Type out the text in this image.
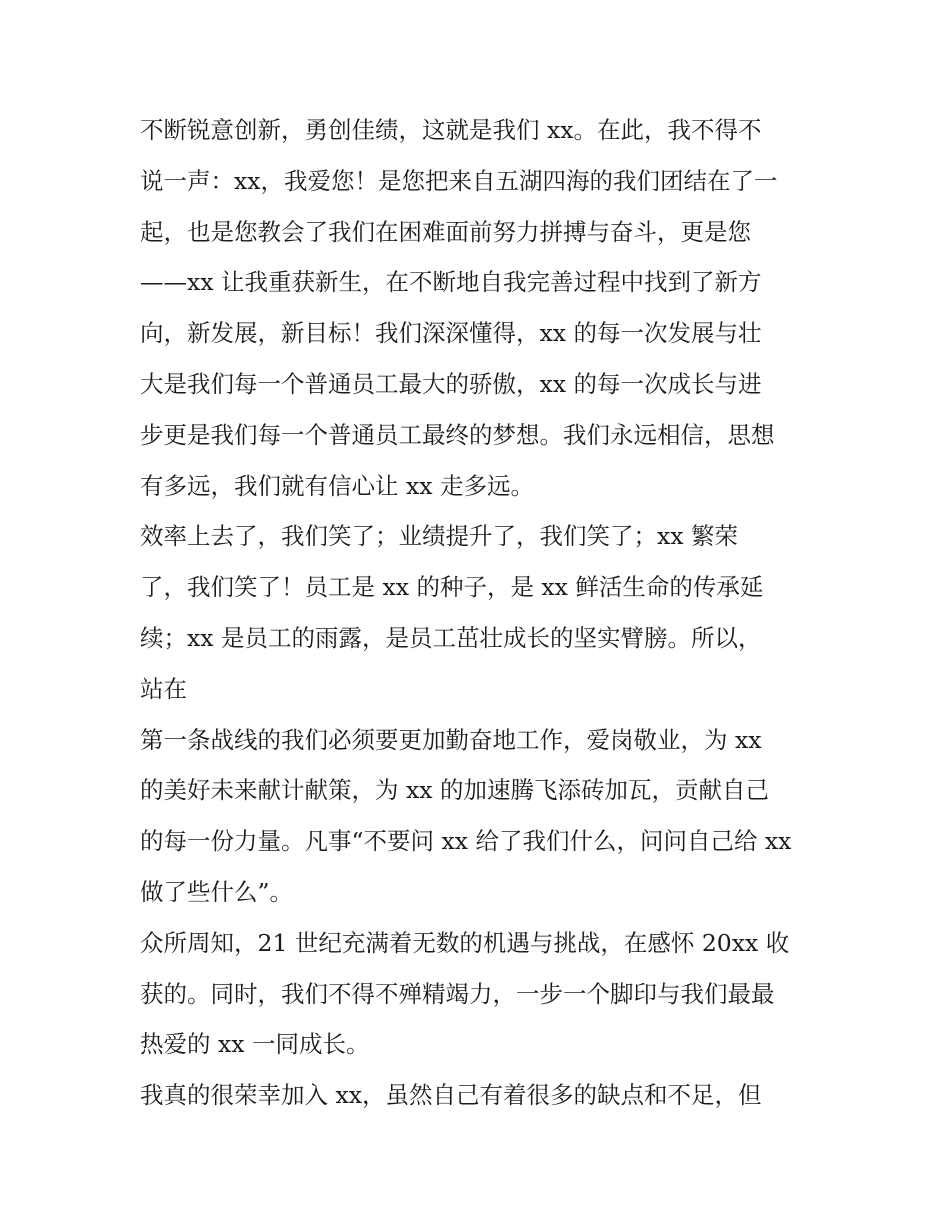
不断锐意创新，勇创佳绩，这就是我们 xx。在此，我不得不
说一声：xx，我爱您！是您把来自五湖四海的我们团结在了一
起，也是您教会了我们在困难面前努力拼搏与奋斗，更是您
——xx 让我重获新生，在不断地自我完善过程中找到了新方
向，新发展，新目标！我们深深懂得，xx 的每一次发展与壮
大是我们每一个普通员工最大的骄傲，xx 的每一次成长与进
步更是我们每一个普通员工最终的梦想。我们永远相信，思想
有多远，我们就有信心让 xx 走多远。
效率上去了，我们笑了；业绩提升了，我们笑了；xx 繁荣
了，我们笑了！员工是 xx 的种子，是 xx 鲜活生命的传承延
续；xx 是员工的雨露，是员工茁壮成长的坚实臂膀。所以，
站在
第一条战线的我们必须要更加勤奋地工作，爱岗敬业，为 xx
的美好未来献计献策，为 xx 的加速腾飞添砖加瓦，贡献自己
的每一份力量。凡事“不要问 xx 给了我们什么，问问自己给 xx
做了些什么”。
众所周知，21 世纪充满着无数的机遇与挑战，在感怀 20xx 收
获的。同时，我们不得不殚精竭力，一步一个脚印与我们最最
热爱的 xx 一同成长。
我真的很荣幸加入 xx，虽然自己有着很多的缺点和不足，但
